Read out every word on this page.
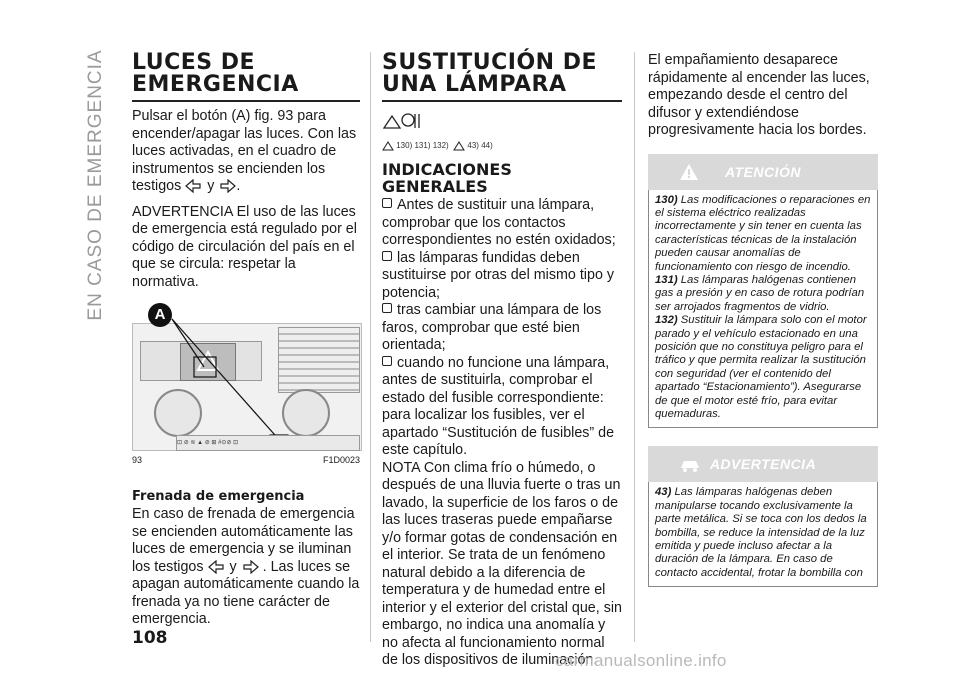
EN CASO DE EMERGENCIA LUCES DE EMERGENCIA

Pulsar el botón (A) fig. 93 para encender/apagar las luces. Con las luces activadas, en el cuadro de instrumentos se encienden los testigos y .

ADVERTENCIA El uso de las luces de emergencia está regulado por el código de circulación del país en el que se circula: respetar la normativa.

⊡ ⊘ ≋ ▲ ⊘ ⊞ #⊙⊘ ⊡
A
93	F1D0023
Frenada de emergencia

En caso de frenada de emergencia se encienden automáticamente las luces de emergencia y se iluminan los testigos y . Las luces se apagan automáticamente cuando la frenada ya no tiene carácter de emergencia.

SUSTITUCIÓN DE UNA LÁMPARA
130) 131) 132) 43) 44)
INDICACIONES GENERALES

Antes de sustituir una lámpara, comprobar que los contactos correspondientes no estén oxidados;

las lámparas fundidas deben sustituirse por otras del mismo tipo y potencia;

tras cambiar una lámpara de los faros, comprobar que esté bien orientada;

cuando no funcione una lámpara, antes de sustituirla, comprobar el estado del fusible correspondiente: para localizar los fusibles, ver el apartado “Sustitución de fusibles” de este capítulo.

NOTA Con clima frío o húmedo, o después de una lluvia fuerte o tras un lavado, la superficie de los faros o de las luces traseras puede empañarse y/o formar gotas de condensación en el interior. Se trata de un fenómeno natural debido a la diferencia de temperatura y de humedad entre el interior y el exterior del cristal que, sin embargo, no indica una anomalía y no afecta al funcionamiento normal de los dispositivos de iluminación.

El empañamiento desaparece rápidamente al encender las luces, empezando desde el centro del difusor y extendiéndose progresivamente hacia los bordes.

ATENCIÓN
130) Las modificaciones o reparaciones en el sistema eléctrico realizadas incorrectamente y sin tener en cuenta las características técnicas de la instalación pueden causar anomalías de funcionamiento con riesgo de incendio.
131) Las lámparas halógenas contienen gas a presión y en caso de rotura podrían ser arrojados fragmentos de vidrio.
132) Sustituir la lámpara solo con el motor parado y el vehículo estacionado en una posición que no constituya peligro para el tráfico y que permita realizar la sustitución con seguridad (ver el contenido del apartado “Estacionamiento”). Asegurarse de que el motor esté frío, para evitar quemaduras.
ADVERTENCIA
43) Las lámparas halógenas deben manipularse tocando exclusivamente la parte metálica. Si se toca con los dedos la bombilla, se reduce la intensidad de la luz emitida y puede incluso afectar a la duración de la lámpara. En caso de contacto accidental, frotar la bombilla con
108
carmanualsonline.info
